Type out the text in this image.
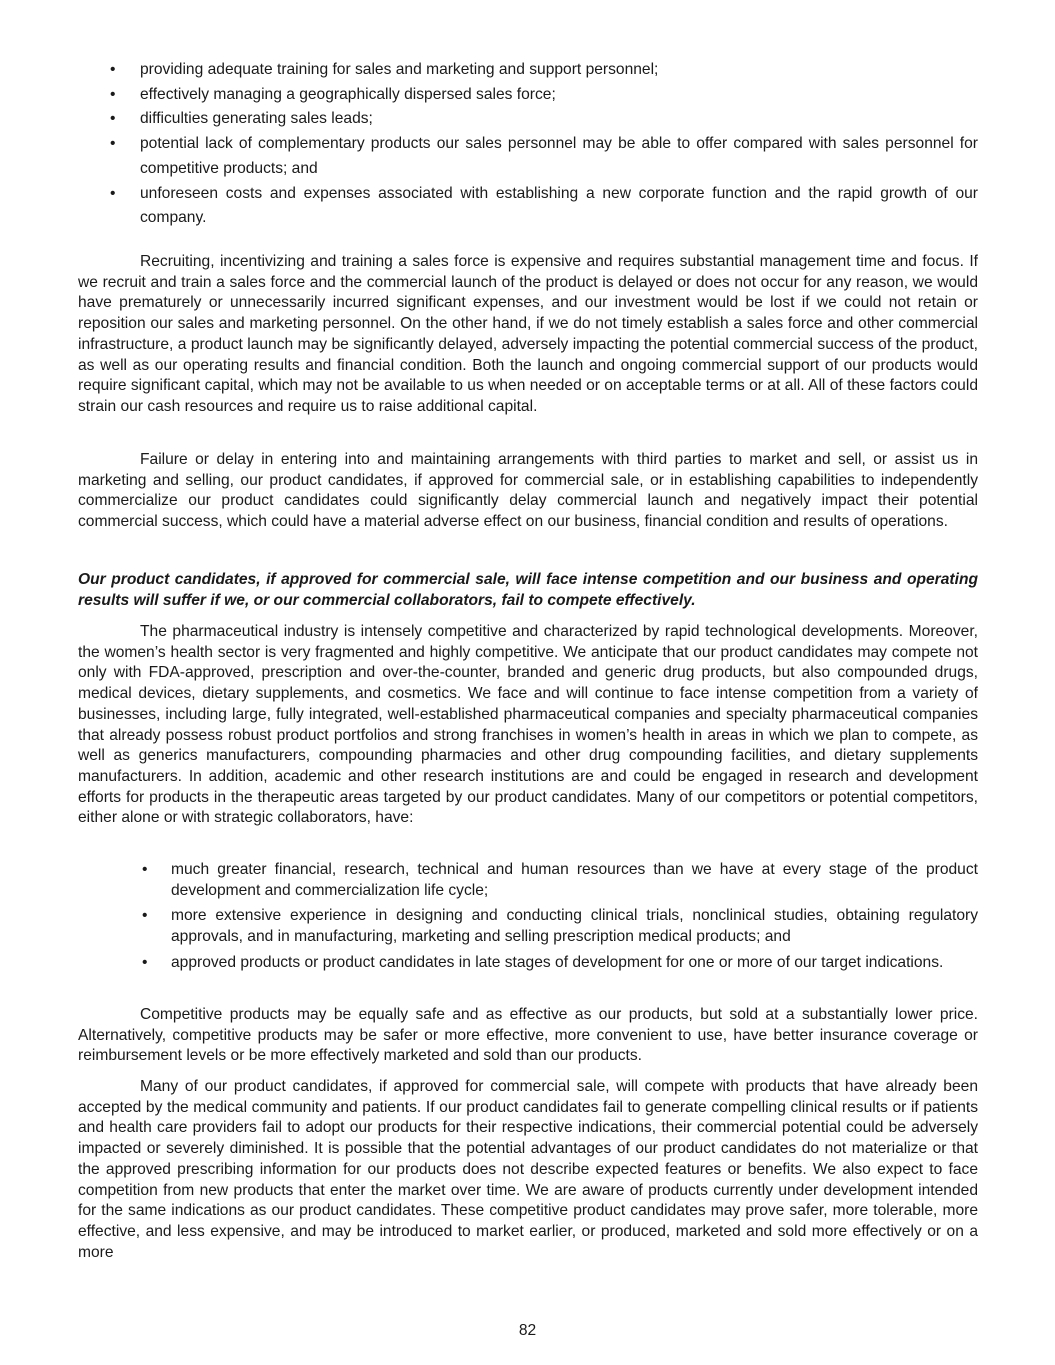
• providing adequate training for sales and marketing and support personnel;
• effectively managing a geographically dispersed sales force;
• difficulties generating sales leads;
• potential lack of complementary products our sales personnel may be able to offer compared with sales personnel for competitive products; and
• unforeseen costs and expenses associated with establishing a new corporate function and the rapid growth of our company.

Recruiting, incentivizing and training a sales force is expensive and requires substantial management time and focus. If we recruit and train a sales force and the commercial launch of the product is delayed or does not occur for any reason, we would have prematurely or unnecessarily incurred significant expenses, and our investment would be lost if we could not retain or reposition our sales and marketing personnel. On the other hand, if we do not timely establish a sales force and other commercial infrastructure, a product launch may be significantly delayed, adversely impacting the potential commercial success of the product, as well as our operating results and financial condition. Both the launch and ongoing commercial support of our products would require significant capital, which may not be available to us when needed or on acceptable terms or at all. All of these factors could strain our cash resources and require us to raise additional capital.

Failure or delay in entering into and maintaining arrangements with third parties to market and sell, or assist us in marketing and selling, our product candidates, if approved for commercial sale, or in establishing capabilities to independently commercialize our product candidates could significantly delay commercial launch and negatively impact their potential commercial success, which could have a material adverse effect on our business, financial condition and results of operations.

Our product candidates, if approved for commercial sale, will face intense competition and our business and operating results will suffer if we, or our commercial collaborators, fail to compete effectively.

The pharmaceutical industry is intensely competitive and characterized by rapid technological developments. Moreover, the women’s health sector is very fragmented and highly competitive. We anticipate that our product candidates may compete not only with FDA-approved, prescription and over-the-counter, branded and generic drug products, but also compounded drugs, medical devices, dietary supplements, and cosmetics. We face and will continue to face intense competition from a variety of businesses, including large, fully integrated, well-established pharmaceutical companies and specialty pharmaceutical companies that already possess robust product portfolios and strong franchises in women’s health in areas in which we plan to compete, as well as generics manufacturers, compounding pharmacies and other drug compounding facilities, and dietary supplements manufacturers. In addition, academic and other research institutions are and could be engaged in research and development efforts for products in the therapeutic areas targeted by our product candidates. Many of our competitors or potential competitors, either alone or with strategic collaborators, have:

• much greater financial, research, technical and human resources than we have at every stage of the product development and commercialization life cycle;
• more extensive experience in designing and conducting clinical trials, nonclinical studies, obtaining regulatory approvals, and in manufacturing, marketing and selling prescription medical products; and
• approved products or product candidates in late stages of development for one or more of our target indications.

Competitive products may be equally safe and as effective as our products, but sold at a substantially lower price. Alternatively, competitive products may be safer or more effective, more convenient to use, have better insurance coverage or reimbursement levels or be more effectively marketed and sold than our products.

Many of our product candidates, if approved for commercial sale, will compete with products that have already been accepted by the medical community and patients. If our product candidates fail to generate compelling clinical results or if patients and health care providers fail to adopt our products for their respective indications, their commercial potential could be adversely impacted or severely diminished. It is possible that the potential advantages of our product candidates do not materialize or that the approved prescribing information for our products does not describe expected features or benefits. We also expect to face competition from new products that enter the market over time. We are aware of products currently under development intended for the same indications as our product candidates. These competitive product candidates may prove safer, more tolerable, more effective, and less expensive, and may be introduced to market earlier, or produced, marketed and sold more effectively or on a more

82
